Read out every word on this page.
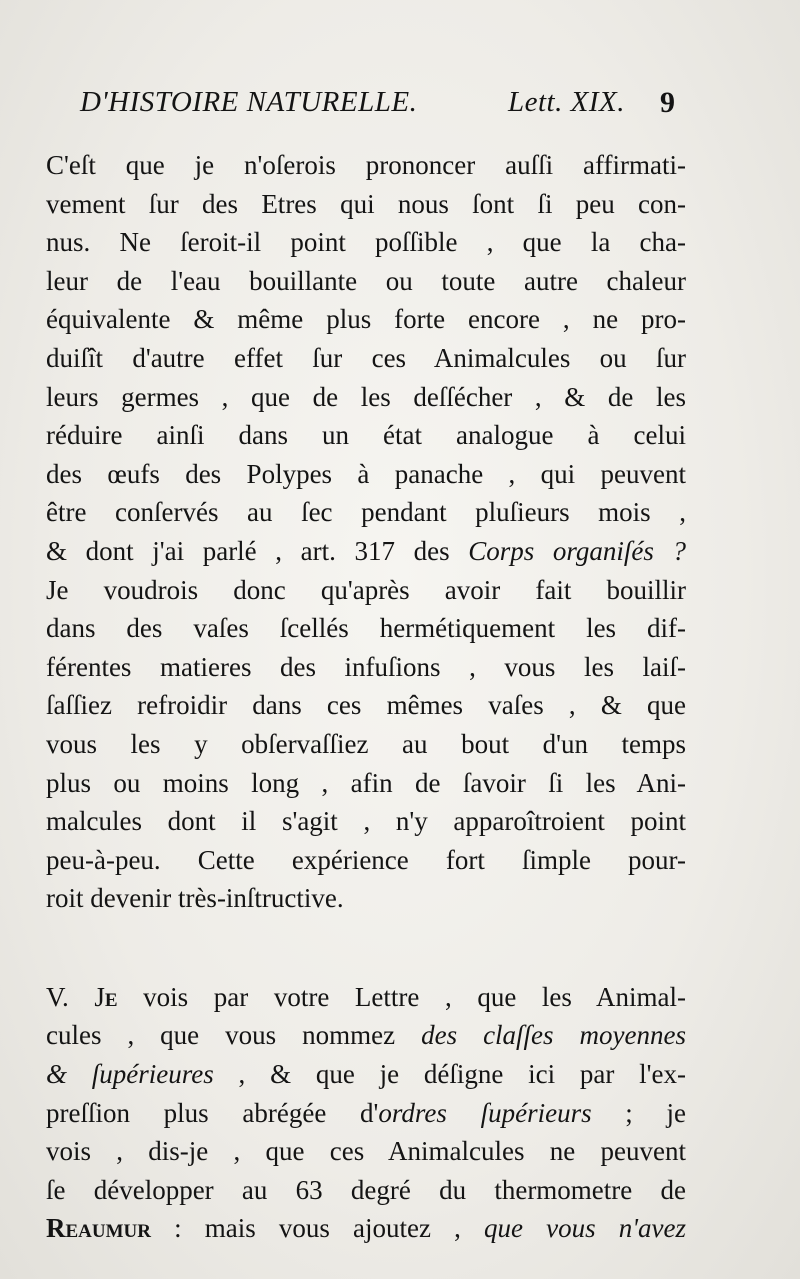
D'HISTOIRE NATURELLE.	Lett. XIX. 9
C'eſt que je n'oſerois prononcer auſſi affirmati-
vement ſur des Etres qui nous ſont ſi peu con-
nus. Ne ſeroit-il point poſſible , que la cha-
leur de l'eau bouillante ou toute autre chaleur
équivalente & même plus forte encore , ne pro-
duiſît d'autre effet ſur ces Animalcules ou ſur
leurs germes , que de les deſſécher , & de les
réduire ainſi dans un état analogue à celui
des œufs des Polypes à panache , qui peuvent
être conſervés au ſec pendant pluſieurs mois ,
& dont j'ai parlé , art. 317 des Corps organiſés ?
Je voudrois donc qu'après avoir fait bouillir
dans des vaſes ſcellés hermétiquement les dif-
férentes matieres des infuſions , vous les laiſ-
ſaſſiez refroidir dans ces mêmes vaſes , & que
vous les y obſervaſſiez au bout d'un temps
plus ou moins long , afin de ſavoir ſi les Ani-
malcules dont il s'agit , n'y apparoîtroient point
peu-à-peu. Cette expérience fort ſimple pour-
roit devenir très-inſtructive.
V. Je vois par votre Lettre , que les Animal-
cules , que vous nommez des claſſes moyennes
& ſupérieures , & que je déſigne ici par l'ex-
preſſion plus abrégée d'ordres ſupérieurs ; je
vois , dis-je , que ces Animalcules ne peuvent
ſe développer au 63 degré du thermometre de
Reaumur : mais vous ajoutez , que vous n'avez
